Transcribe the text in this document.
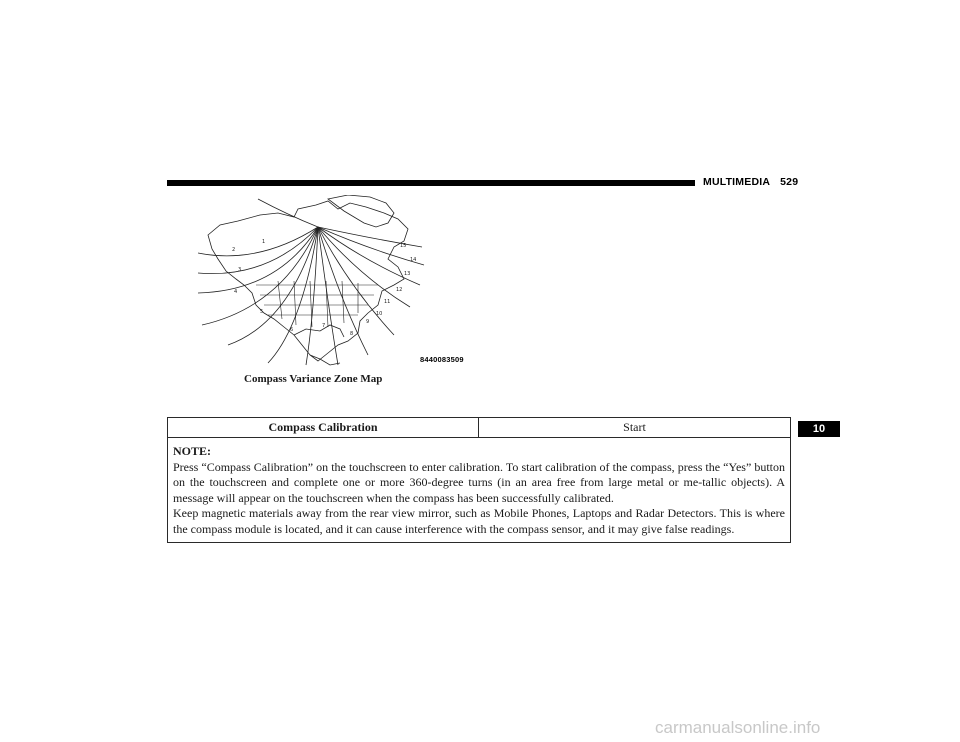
MULTIMEDIA 529
1
2
3
4
5
6
7
8
9
10
11
12
13
14
15
8440083509
Compass Variance Zone Map
Compass Calibration	Start
NOTE:
Press “Compass Calibration” on the touchscreen to enter calibration. To start calibration of the compass, press the “Yes” button on the touchscreen and complete one or more 360-degree turns (in an area free from large metal or me-tallic objects). A message will appear on the touchscreen when the compass has been successfully calibrated.
Keep magnetic materials away from the rear view mirror, such as Mobile Phones, Laptops and Radar Detectors. This is where the compass module is located, and it can cause interference with the compass sensor, and it may give false readings.
10
carmanualsonline.info
